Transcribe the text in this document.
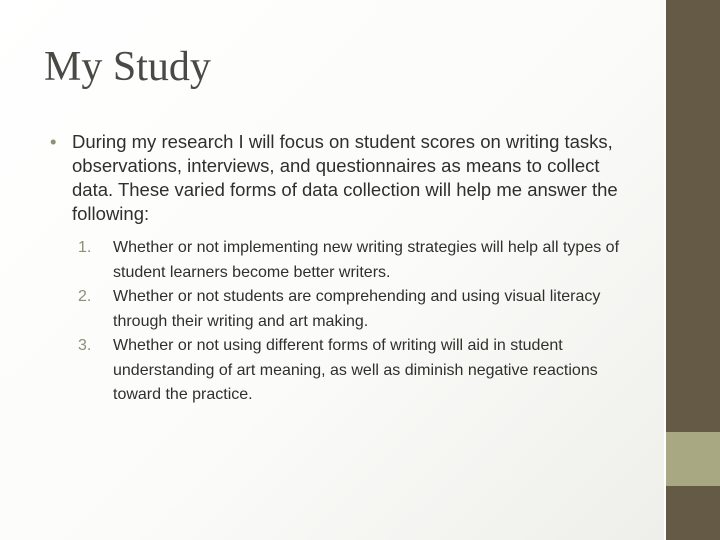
My Study
• During my research I will focus on student scores on writing tasks, observations, interviews, and questionnaires as means to collect data. These varied forms of data collection will help me answer the following:
1.	Whether or not implementing new writing strategies will help all types of student learners become better writers.
2.	Whether or not students are comprehending and using visual literacy through their writing and art making.
3.	Whether or not using different forms of writing will aid in student understanding of art meaning, as well as diminish negative reactions toward the practice.
